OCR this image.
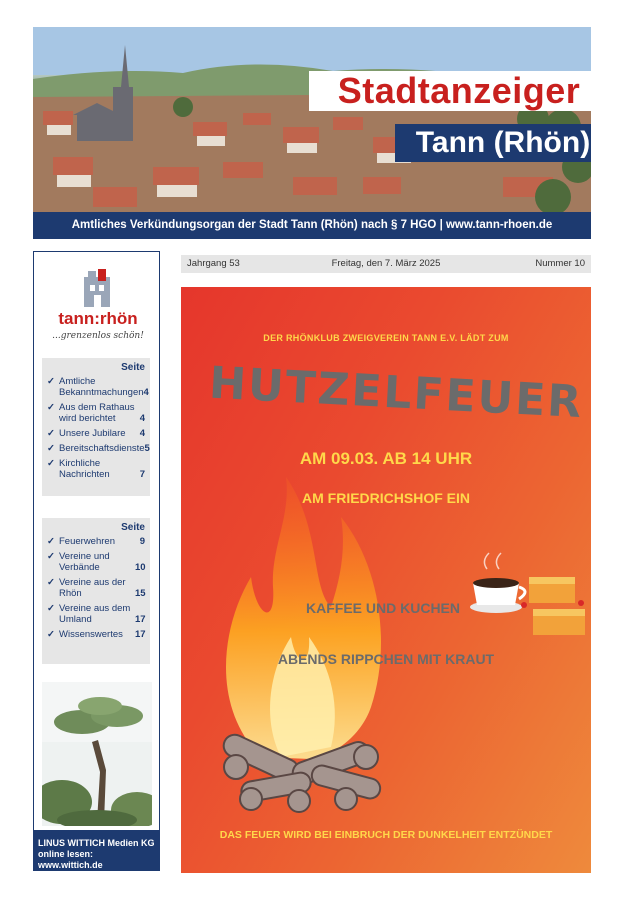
Stadtanzeiger
Tann (Rhön)
Amtliches Verkündungsorgan der Stadt Tann (Rhön) nach § 7 HGO | www.tann-rhoen.de
tann:rhön
...grenzenlos schön!
Seite
✓ Amtliche Bekanntmachungen 4
✓ Aus dem Rathaus wird berichtet	4
✓ Unsere Jubilare	4
✓ Bereitschaftsdienste 5
✓ Kirchliche Nachrichten	7
Seite
✓ Feuerwehren	9
✓ Vereine und Verbände	10
✓ Vereine aus der Rhön	15
✓ Vereine aus dem Umland	17
✓ Wissenswertes	17
LINUS WITTICH Medien KG
online lesen: www.wittich.de
Jahrgang 53	Freitag, den 7. März 2025	Nummer 10
DER RHÖNKLUB ZWEIGVEREIN TANN E.V. LÄDT ZUM
HUTZELFEUER
AM 09.03. AB 14 UHR
AM FRIEDRICHSHOF EIN
KAFFEE UND KUCHEN
ABENDS RIPPCHEN MIT KRAUT
DAS FEUER WIRD BEI EINBRUCH DER DUNKELHEIT ENTZÜNDET
